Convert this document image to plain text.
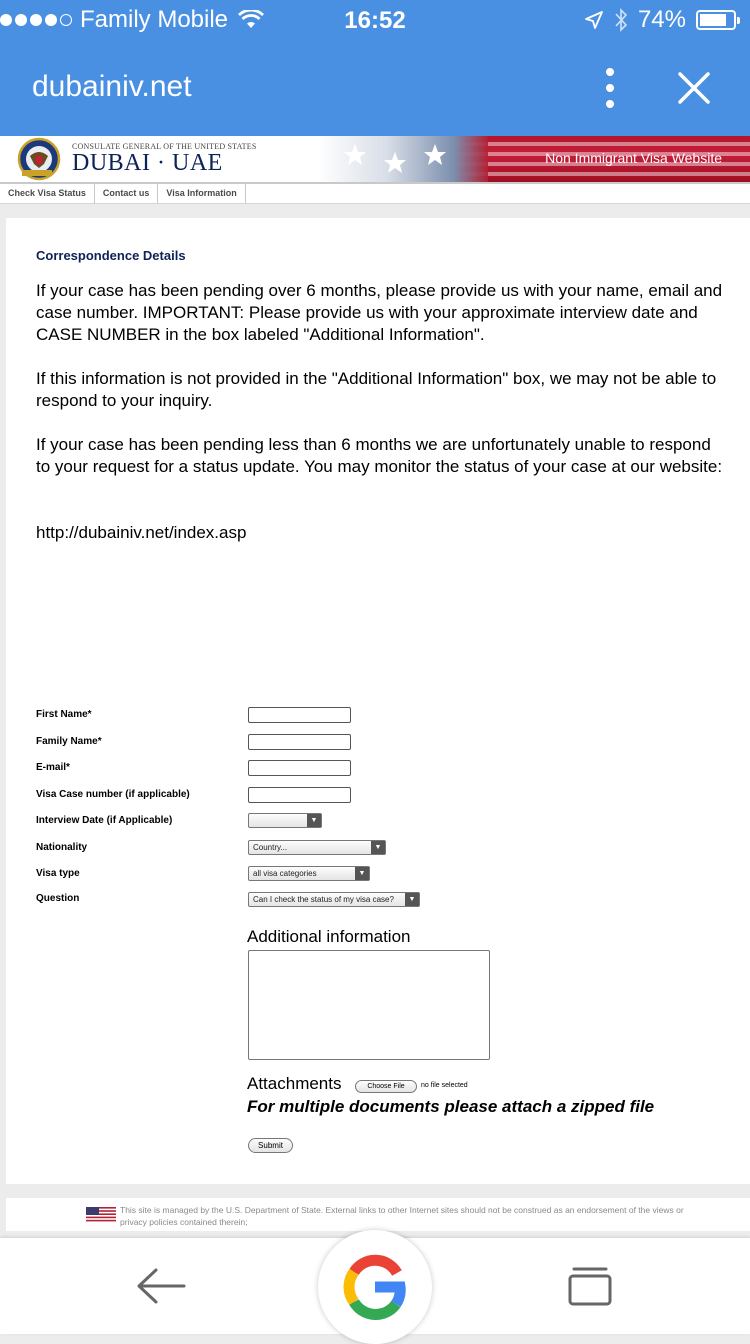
Family Mobile	16:52	74%
dubainiv.net
CONSULATE GENERAL OF THE UNITED STATES
DUBAI · UAE	Non Immigrant Visa Website
Check Visa Status	Contact us	Visa Information
Correspondence Details

If your case has been pending over 6 months, please provide us with your name, email and case number. IMPORTANT: Please provide us with your approximate interview date and CASE NUMBER in the box labeled "Additional Information".

If this information is not provided in the "Additional Information" box, we may not be able to respond to your inquiry.

If your case has been pending less than 6 months we are unfortunately unable to respond to your request for a status update. You may monitor the status of your case at our website:

http://dubainiv.net/index.asp

First Name*
Family Name*
E-mail*
Visa Case number (if applicable)
Interview Date (if Applicable)	▼
Nationality	Country...	▼
Visa type	all visa categories	▼
Question	Can I check the status of my visa case?	▼
Additional information
Attachments	Choose File	no file selected
For multiple documents please attach a zipped file
Submit
This site is managed by the U.S. Department of State. External links to other Internet sites should not be construed as an endorsement of the views or privacy policies contained therein;
